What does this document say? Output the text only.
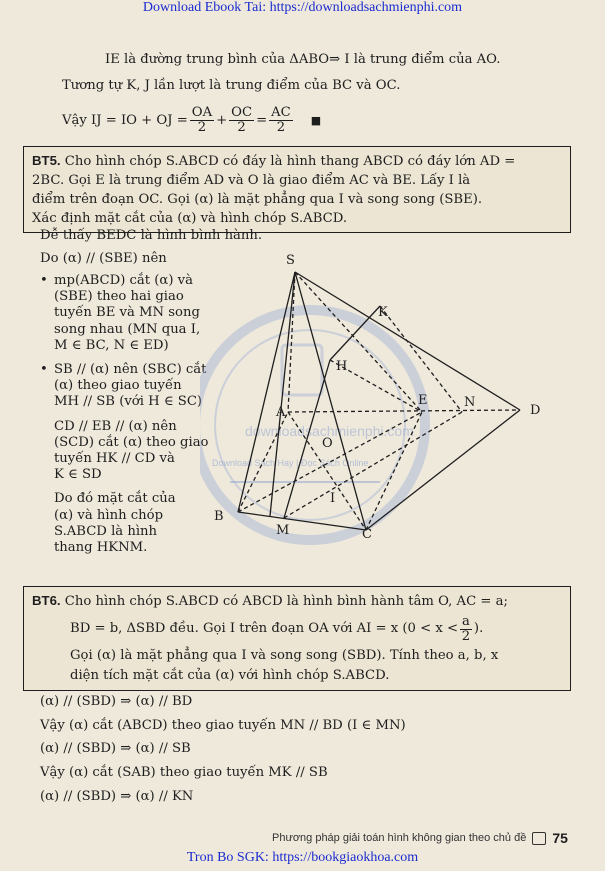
Download Ebook Tai: https://downloadsachmienphi.com
IE là đường trung bình của ΔABO⇒ I là trung điểm của AO.
Tương tự K, J lần lượt là trung điểm của BC và OC.
Vậy IJ = IO + OJ = $\frac{OA}{2} + \frac{OC}{2} = \frac{AC}{2}$ ■
BT5. Cho hình chóp S.ABCD có đáy là hình thang ABCD có đáy lớn AD =
2BC. Gọi E là trung điểm AD và O là giao điểm AC và BE. Lấy I là
điểm trên đoạn OC. Gọi (α) là mặt phẳng qua I và song song (SBE).
Xác định mặt cắt của (α) và hình chóp S.ABCD.
Dễ thấy BEDC là hình bình hành.
Do (α) // (SBE) nên
• mp(ABCD) cắt (α) và
(SBE) theo hai giao
tuyến BE và MN song
song nhau (MN qua I,
M ∈ BC, N ∈ ED)
• SB // (α) nên (SBC) cắt
(α) theo giao tuyến
MH // SB (với H ∈ SC)
CD // EB // (α) nên
(SCD) cắt (α) theo giao
tuyến HK // CD và
K ∈ SD
Do đó mặt cắt của
(α) và hình chóp
S.ABCD là hình
thang HKNM.
downloadsachmienphi.com
Download Sách Hay | Đọc Sách Online
S
K
H
A
E	N
D
O
I
B
M	C
BT6. Cho hình chóp S.ABCD có ABCD là hình bình hành tâm O, AC = a;
BD = b, ΔSBD đều. Gọi I trên đoạn OA với AI = x ($0 < x < \frac{a}{2}$ ).
Gọi (α) là mặt phẳng qua I và song song (SBD). Tính theo a, b, x
diện tích mặt cắt của (α) với hình chóp S.ABCD.
(α) // (SBD) ⇒ (α) // BD
Vậy (α) cắt (ABCD) theo giao tuyến MN // BD (I ∈ MN)
(α) // (SBD) ⇒ (α) // SB
Vậy (α) cắt (SAB) theo giao tuyến MK // SB
(α) // (SBD) ⇒ (α) // KN
Phương pháp giải toán hình không gian theo chủ đề 75
Tron Bo SGK: https://bookgiaokhoa.com
